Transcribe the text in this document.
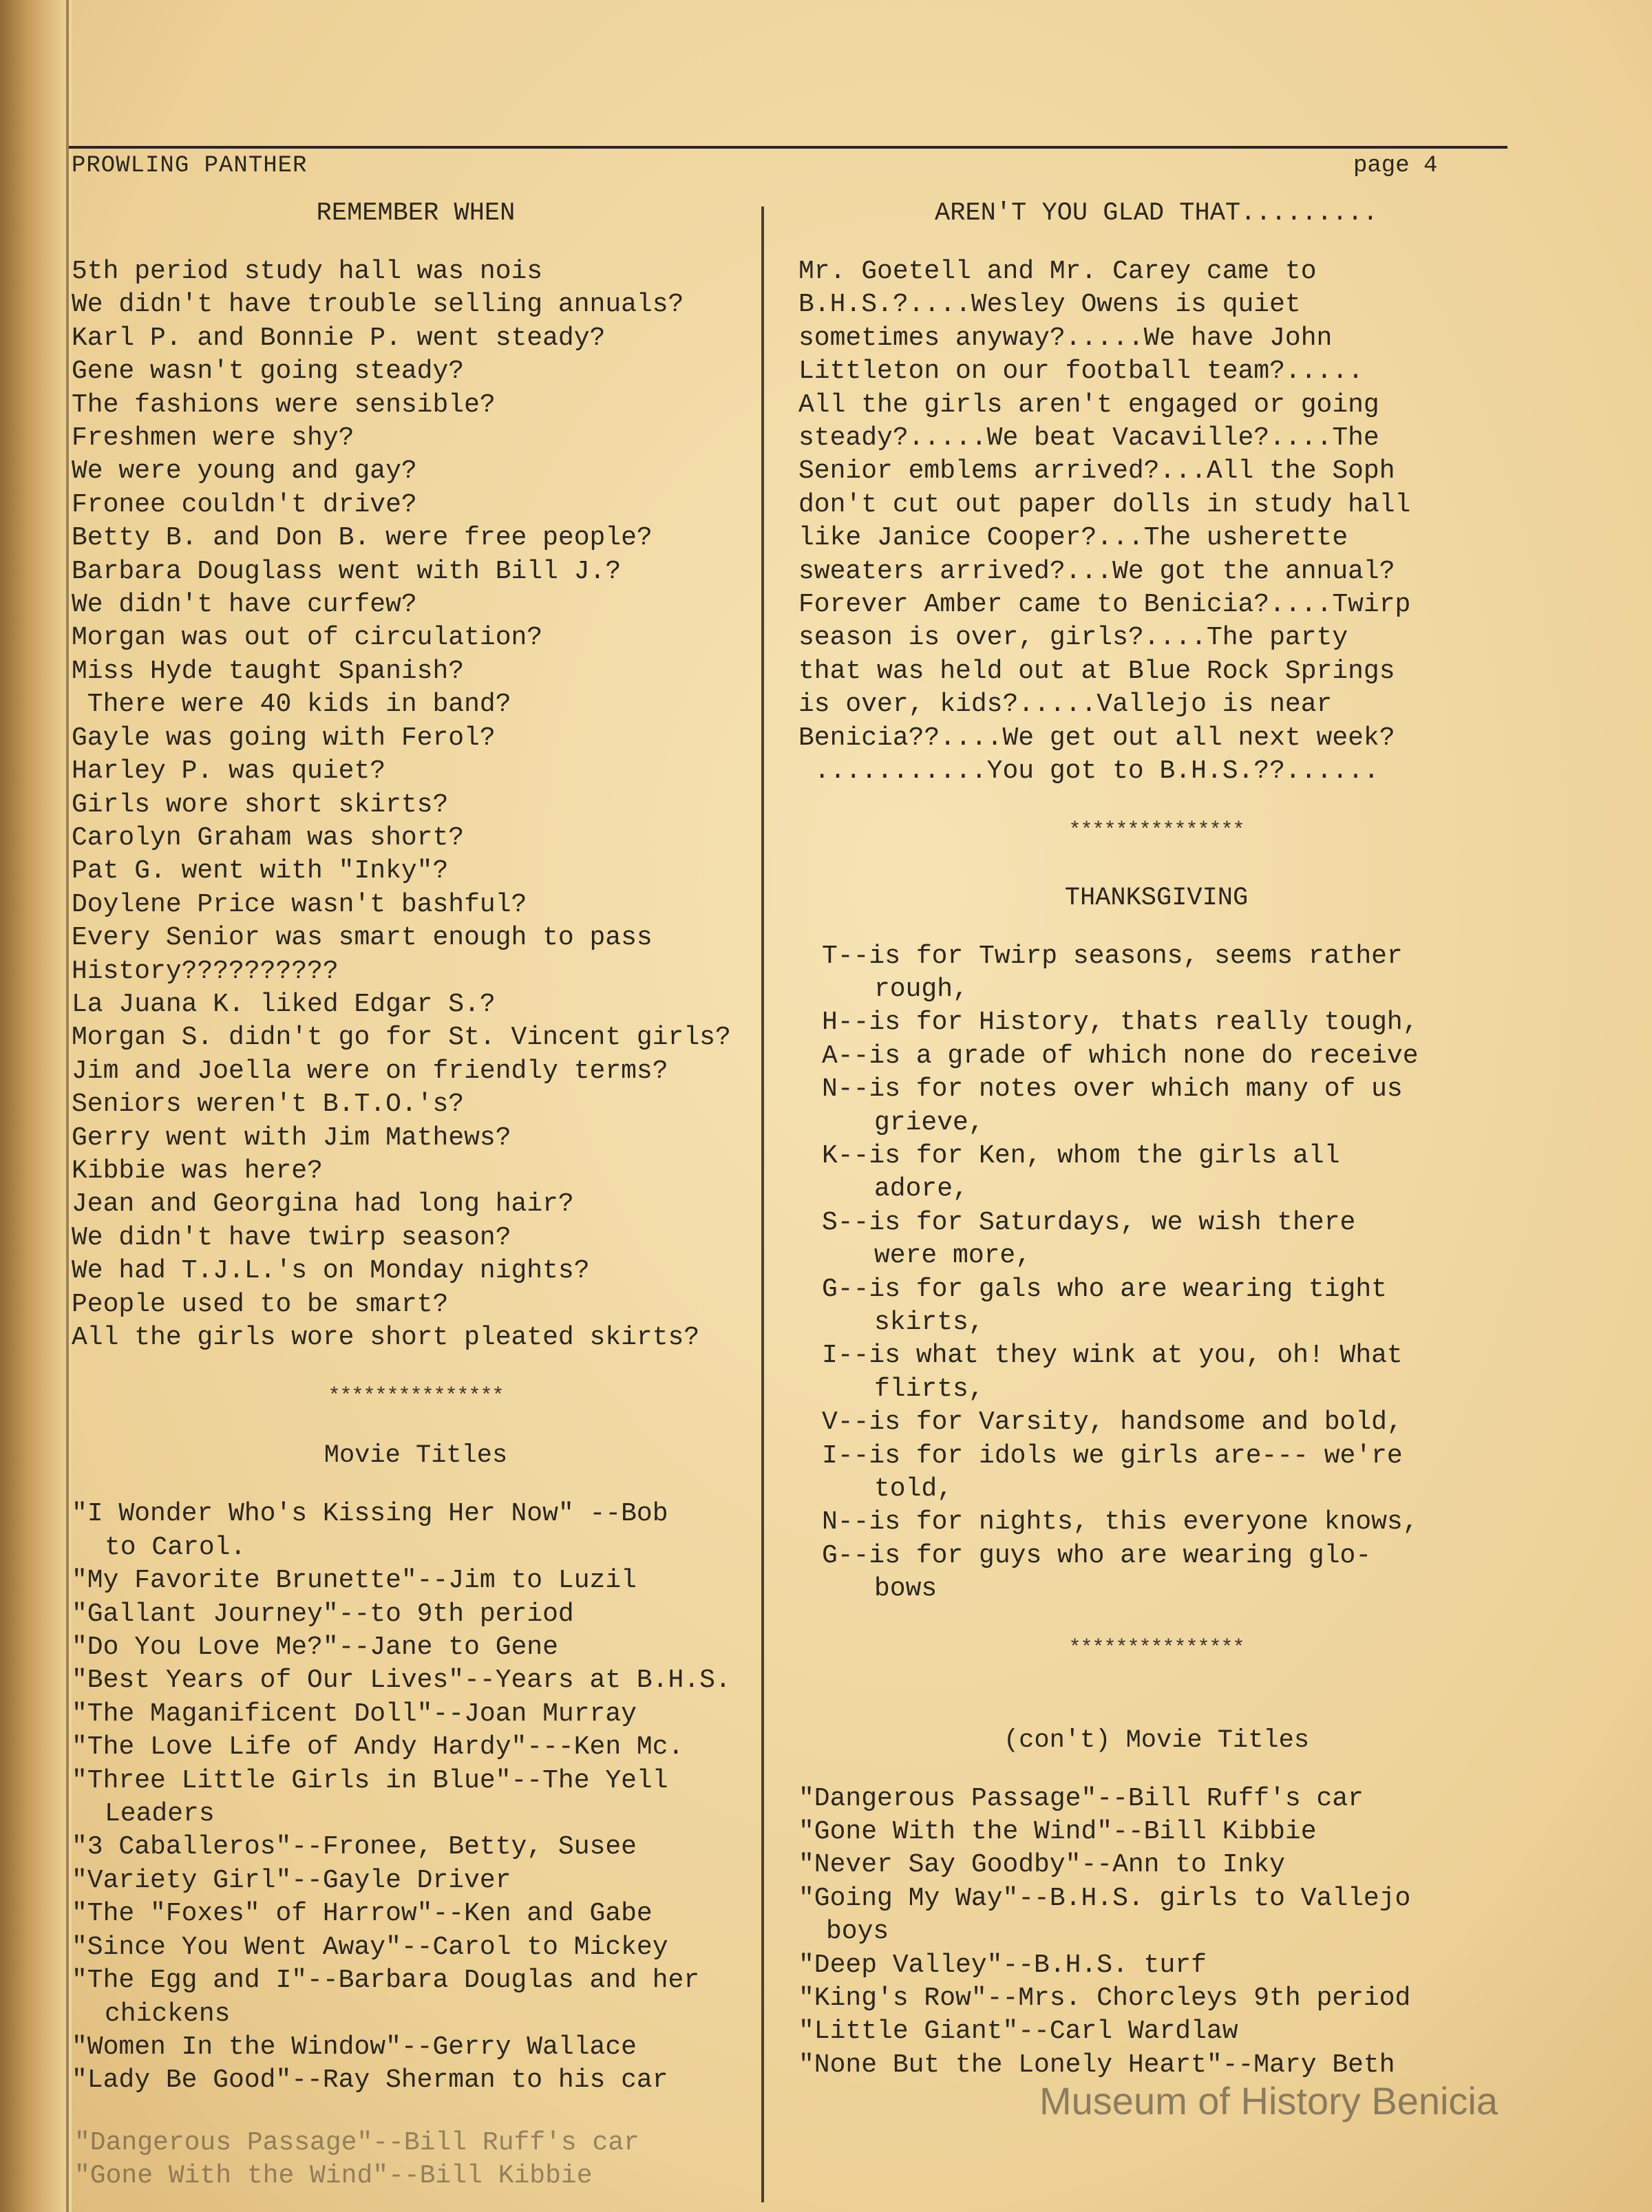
PROWLING PANTHER	page 4
REMEMBER WHEN
5th period study hall was nois
We didn't have trouble selling annuals?
Karl P. and Bonnie P. went steady?
Gene wasn't going steady?
The fashions were sensible?
Freshmen were shy?
We were young and gay?
Fronee couldn't drive?
Betty B. and Don B. were free people?
Barbara Douglass went with Bill J.?
We didn't have curfew?
Morgan was out of circulation?
Miss Hyde taught Spanish?
There were 40 kids in band?
Gayle was going with Ferol?
Harley P. was quiet?
Girls wore short skirts?
Carolyn Graham was short?
Pat G. went with "Inky"?
Doylene Price wasn't bashful?
Every Senior was smart enough to pass
History??????????
La Juana K. liked Edgar S.?
Morgan S. didn't go for St. Vincent girls?
Jim and Joella were on friendly terms?
Seniors weren't B.T.O.'s?
Gerry went with Jim Mathews?
Kibbie was here?
Jean and Georgina had long hair?
We didn't have twirp season?
We had T.J.L.'s on Monday nights?
People used to be smart?
All the girls wore short pleated skirts?
***************
Movie Titles
"I Wonder Who's Kissing Her Now" --Bob
to Carol.
"My Favorite Brunette"--Jim to Luzil
"Gallant Journey"--to 9th period
"Do You Love Me?"--Jane to Gene
"Best Years of Our Lives"--Years at B.H.S.
"The Maganificent Doll"--Joan Murray
"The Love Life of Andy Hardy"---Ken Mc.
"Three Little Girls in Blue"--The Yell
Leaders
"3 Caballeros"--Fronee, Betty, Susee
"Variety Girl"--Gayle Driver
"The "Foxes" of Harrow"--Ken and Gabe
"Since You Went Away"--Carol to Mickey
"The Egg and I"--Barbara Douglas and her
chickens
"Women In the Window"--Gerry Wallace
"Lady Be Good"--Ray Sherman to his car
"Dangerous Passage"--Bill Ruff's car
"Gone With the Wind"--Bill Kibbie
AREN'T YOU GLAD THAT.........
Mr. Goetell and Mr. Carey came to
B.H.S.?....Wesley Owens is quiet
sometimes anyway?.....We have John
Littleton on our football team?.....
All the girls aren't engaged or going
steady?.....We beat Vacaville?....The
Senior emblems arrived?...All the Soph
don't cut out paper dolls in study hall
like Janice Cooper?...The usherette
sweaters arrived?...We got the annual?
Forever Amber came to Benicia?....Twirp
season is over, girls?....The party
that was held out at Blue Rock Springs
is over, kids?.....Vallejo is near
Benicia??....We get out all next week?
...........You got to B.H.S.??......
***************
THANKSGIVING
T--is for Twirp seasons, seems rather
rough,
H--is for History, thats really tough,
A--is a grade of which none do receive
N--is for notes over which many of us
grieve,
K--is for Ken, whom the girls all
adore,
S--is for Saturdays, we wish there
were more,
G--is for gals who are wearing tight
skirts,
I--is what they wink at you, oh! What
flirts,
V--is for Varsity, handsome and bold,
I--is for idols we girls are--- we're
told,
N--is for nights, this everyone knows,
G--is for guys who are wearing glo-
bows
***************
(con't) Movie Titles
"Dangerous Passage"--Bill Ruff's car
"Gone With the Wind"--Bill Kibbie
"Never Say Goodby"--Ann to Inky
"Going My Way"--B.H.S. girls to Vallejo
boys
"Deep Valley"--B.H.S. turf
"King's Row"--Mrs. Chorcleys 9th period
"Little Giant"--Carl Wardlaw
"None But the Lonely Heart"--Mary Beth
Museum of History Benicia
